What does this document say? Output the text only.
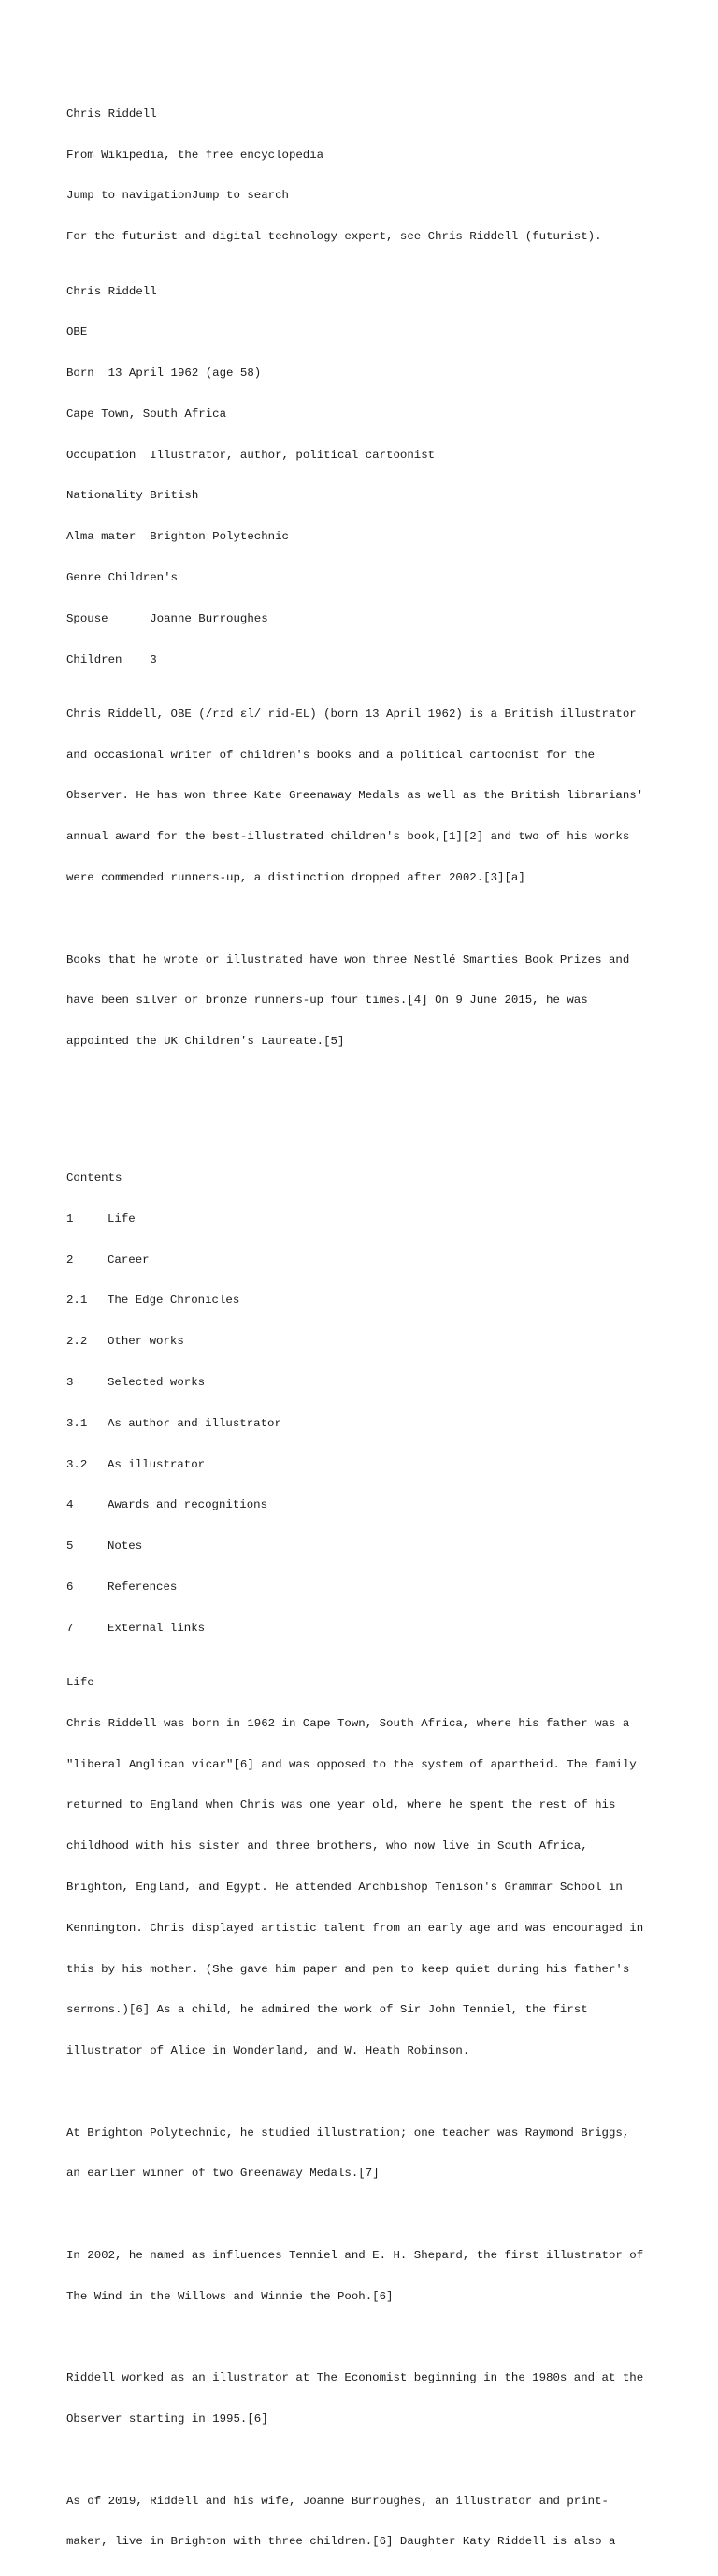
Chris Riddell

From Wikipedia, the free encyclopedia

Jump to navigationJump to search

For the futurist and digital technology expert, see Chris Riddell (futurist).

Chris Riddell

OBE

Born 13 April 1962 (age 58)

Cape Town, South Africa

Occupation Illustrator, author, political cartoonist

Nationality British

Alma mater Brighton Polytechnic

Genre Children's

Spouse	Joanne Burroughes

Children 3

Chris Riddell, OBE (/rɪd ɛl/ rid-EL) (born 13 April 1962) is a British illustrator

and occasional writer of children's books and a political cartoonist for the

Observer. He has won three Kate Greenaway Medals as well as the British librarians'

annual award for the best-illustrated children's book,[1][2] and two of his works

were commended runners-up, a distinction dropped after 2002.[3][a]

Books that he wrote or illustrated have won three Nestlé Smarties Book Prizes and

have been silver or bronze runners-up four times.[4] On 9 June 2015, he was

appointed the UK Children's Laureate.[5]

Contents

1	Life

2	Career

2.1 The Edge Chronicles

2.2 Other works

3	Selected works

3.1 As author and illustrator

3.2 As illustrator

4	Awards and recognitions

5	Notes

6	References

7	External links

Life

Chris Riddell was born in 1962 in Cape Town, South Africa, where his father was a

"liberal Anglican vicar"[6] and was opposed to the system of apartheid. The family

returned to England when Chris was one year old, where he spent the rest of his

childhood with his sister and three brothers, who now live in South Africa,

Brighton, England, and Egypt. He attended Archbishop Tenison's Grammar School in

Kennington. Chris displayed artistic talent from an early age and was encouraged in

this by his mother. (She gave him paper and pen to keep quiet during his father's

sermons.)[6] As a child, he admired the work of Sir John Tenniel, the first

illustrator of Alice in Wonderland, and W. Heath Robinson.

At Brighton Polytechnic, he studied illustration; one teacher was Raymond Briggs,

an earlier winner of two Greenaway Medals.[7]

In 2002, he named as influences Tenniel and E. H. Shepard, the first illustrator of

The Wind in the Willows and Winnie the Pooh.[6]

Riddell worked as an illustrator at The Economist beginning in the 1980s and at the

Observer starting in 1995.[6]

As of 2019, Riddell and his wife, Joanne Burroughes, an illustrator and print-

maker, live in Brighton with three children.[6] Daughter Katy Riddell is also a
